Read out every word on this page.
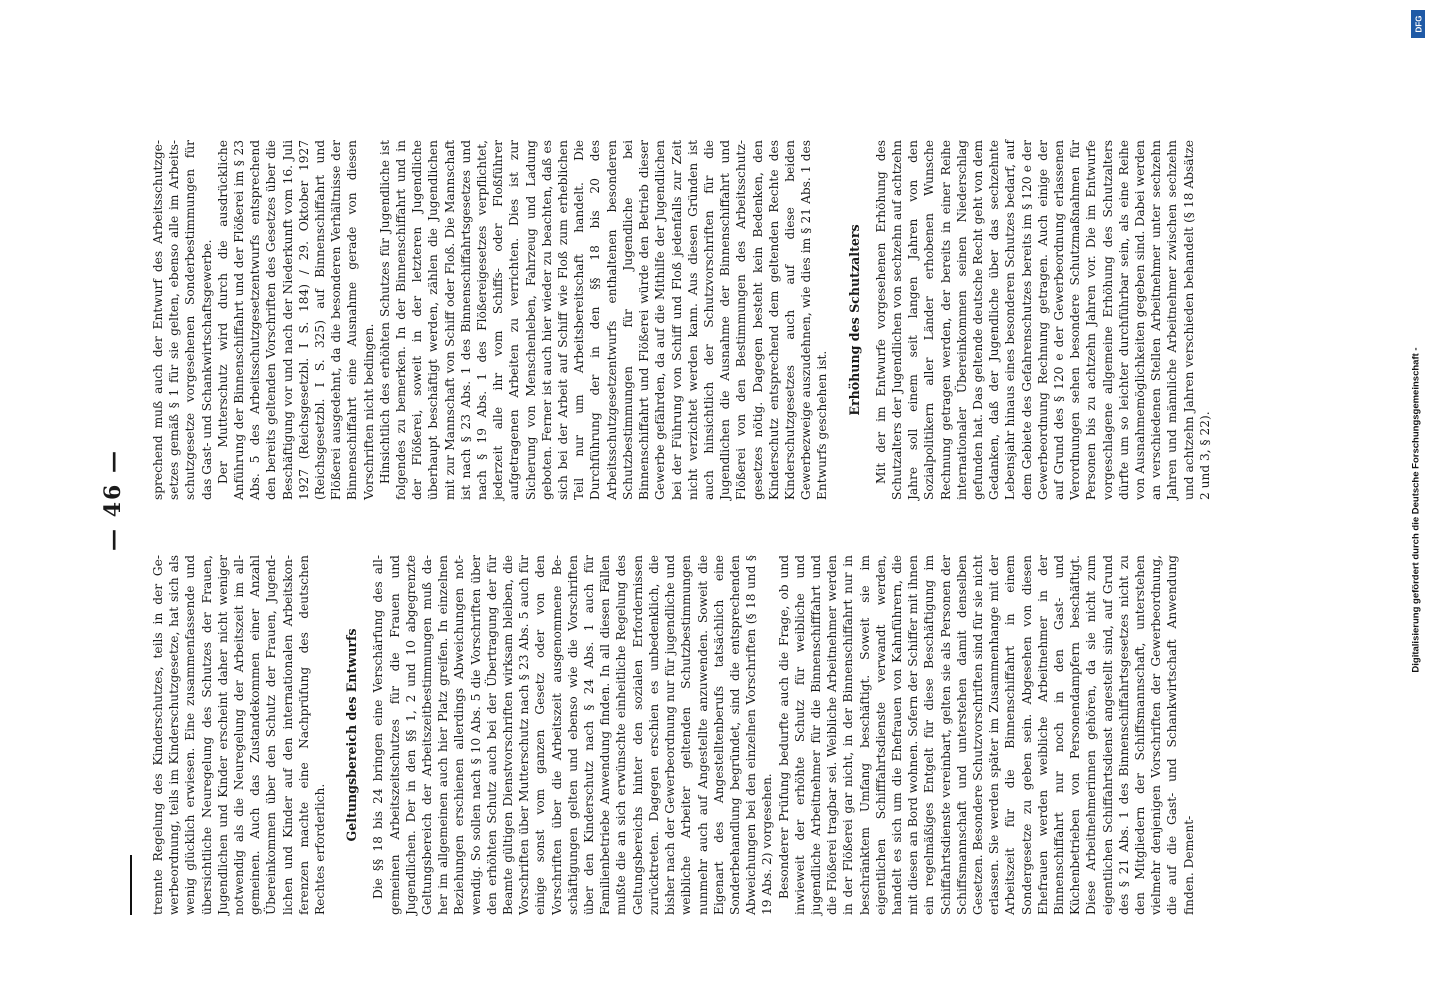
— 46 —

trennte Regelung des Kinderschutzes, teils in der Gewerbeordnung, teils im Kinderschutzgesetze, hat sich als wenig glücklich erwiesen. Eine zusammenfassende und übersichtliche Neuregelung des Schutzes der Frauen, Jugendlichen und Kinder erscheint daher nicht weniger notwendig als die Neuregelung der Arbeitszeit im allgemeinen. Auch das Zustandekommen einer Anzahl Übereinkommen über den Schutz der Frauen, Jugendlichen und Kinder auf den internationalen Arbeitskonferenzen machte eine Nachprüfung des deutschen Rechtes erforderlich.

Geltungsbereich des Entwurfs Die §§ 18 bis 24 bringen eine Verschärfung des allgemeinen Arbeitszeitschutzes für die Frauen und Jugendlichen. Der in den §§ 1, 2 und 10 abgegrenzte Geltungsbereich der Arbeitszeitbestimmungen muß daher im allgemeinen auch hier Platz greifen. In einzelnen Beziehungen erschienen allerdings Abweichungen notwendig. So sollen nach § 10 Abs. 5 die Vorschriften über den erhöhten Schutz auch bei der Übertragung der für Beamte gültigen Dienstvorschriften wirksam bleiben, die Vorschriften über Mutterschutz nach § 23 Abs. 5 auch für einige sonst vom ganzen Gesetz oder von den Vorschriften über die Arbeitszeit ausgenommene Beschäftigungen gelten und ebenso wie die Vorschriften über den Kinderschutz nach § 24 Abs. 1 auch für Familienbetriebe Anwendung finden. In all diesen Fällen mußte die an sich erwünschte einheitliche Regelung des Geltungsbereichs hinter den sozialen Erfordernissen zurücktreten. Dagegen erschien es unbedenklich, die bisher nach der Gewerbeordnung nur für jugendliche und weibliche Arbeiter geltenden Schutzbestimmungen nunmehr auch auf Angestellte anzuwenden. Soweit die Eigenart des Angestelltenberufs tatsächlich eine Sonderbehandlung begründet, sind die entsprechenden Abweichungen bei den einzelnen Vorschriften (§ 18 und § 19 Abs. 2) vorgesehen. Besonderer Prüfung bedurfte auch die Frage, ob und inwieweit der erhöhte Schutz für weibliche und jugendliche Arbeitnehmer für die Binnenschifffahrt und die Flößerei tragbar sei. Weibliche Arbeitnehmer werden in der Flößerei gar nicht, in der Binnenschiffahrt nur in beschränktem Umfang beschäftigt. Soweit sie im eigentlichen Schifffahrtsdienste verwandt werden, handelt es sich um die Ehefrauen von Kahnführern, die mit diesen an Bord wohnen. Sofern der Schiffer mit ihnen ein regelmäßiges Entgelt für diese Beschäftigung im Schiffahrtsdienste vereinbart, gelten sie als Personen der Schiffsmannschaft und unterstehen damit denselben Gesetzen. Besondere Schutzvorschriften sind für sie nicht erlassen. Sie werden später im Zusammenhange mit der Arbeitszeit für die Binnenschiffahrt in einem Sondergesetze zu geben sein. Abgesehen von diesen Ehefrauen werden weibliche Arbeitnehmer in der Binnenschiffahrt nur noch in den Gast- und Küchenbetrieben von Personendampfern beschäftigt. Diese Arbeitnehmerinnen gehören, da sie nicht zum eigentlichen Schiffahrtsdienst angestellt sind, auf Grund des § 21 Abs. 1 des Binnenschiffahrtsgesetzes nicht zu den Mitgliedern der Schiffsmannschaft, unterstehen vielmehr denjenigen Vorschriften der Gewerbeordnung, die auf die Gast- und Schankwirtschaft Anwendung finden. Dement-

sprechend muß auch der Entwurf des Arbeitsschutzgesetzes gemäß § 1 für sie gelten, ebenso alle im Arbeitsschutzgesetze vorgesehenen Sonderbestimmungen für das Gast- und Schankwirtschaftsgewerbe. Der Mutterschutz wird durch die ausdrückliche Anführung der Binnenschiffahrt und der Flößerei im § 23 Abs. 5 des Arbeitsschutzgesetzentwurfs entsprechend den bereits geltenden Vorschriften des Gesetzes über die Beschäftigung vor und nach der Niederkunft vom 16. Juli 1927 (Reichsgesetzbl. I S. 184) / 29. Oktober 1927 (Reichsgesetzbl. I S. 325) auf Binnenschiffahrt und Flößerei ausgedehnt, da die besonderen Verhältnisse der Binnenschiffahrt eine Ausnahme gerade von diesen Vorschriften nicht bedingen. Hinsichtlich des erhöhten Schutzes für Jugendliche ist folgendes zu bemerken. In der Binnenschiffahrt und in der Flößerei, soweit in der letzteren Jugendliche überhaupt beschäftigt werden, zählen die Jugendlichen mit zur Mannschaft von Schiff oder Floß. Die Mannschaft ist nach § 23 Abs. 1 des Binnenschiffahrtsgesetzes und nach § 19 Abs. 1 des Flößereigesetzes verpflichtet, jederzeit alle ihr vom Schiffs- oder Floßführer aufgetragenen Arbeiten zu verrichten. Dies ist zur Sicherung von Menschenleben, Fahrzeug und Ladung geboten. Ferner ist auch hier wieder zu beachten, daß es sich bei der Arbeit auf Schiff wie Floß zum erheblichen Teil nur um Arbeitsbereitschaft handelt. Die Durchführung der in den §§ 18 bis 20 des Arbeitsschutzgesetzentwurfs enthaltenen besonderen Schutzbestimmungen für Jugendliche bei Binnenschiffahrt und Flößerei würde den Betrieb dieser Gewerbe gefährden, da auf die Mithilfe der Jugendlichen bei der Führung von Schiff und Floß jedenfalls zur Zeit nicht verzichtet werden kann. Aus diesen Gründen ist auch hinsichtlich der Schutzvorschriften für die Jugendlichen die Ausnahme der Binnenschiffahrt und Flößerei von den Bestimmungen des Arbeitsschutzgesetzes nötig. Dagegen besteht kein Bedenken, den Kinderschutz entsprechend dem geltenden Rechte des Kinderschutzgesetzes auch auf diese beiden Gewerbezweige auszudehnen, wie dies im § 21 Abs. 1 des Entwurfs geschehen ist.

Erhöhung des Schutzalters Mit der im Entwurfe vorgesehenen Erhöhung des Schutzalters der Jugendlichen von sechzehn auf achtzehn Jahre soll einem seit langen Jahren von den Sozialpolitikern aller Länder erhobenen Wunsche Rechnung getragen werden, der bereits in einer Reihe internationaler Übereinkommen seinen Niederschlag gefunden hat. Das geltende deutsche Recht geht von dem Gedanken, daß der Jugendliche über das sechzehnte Lebensjahr hinaus eines besonderen Schutzes bedarf, auf dem Gebiete des Gefahrenschutzes bereits im § 120 e der Gewerbeordnung Rechnung getragen. Auch einige der auf Grund des § 120 e der Gewerbeordnung erlassenen Verordnungen sehen besondere Schutzmaßnahmen für Personen bis zu achtzehn Jahren vor. Die im Entwurfe vorgeschlagene allgemeine Erhöhung des Schutzalters dürfte um so leichter durchführbar sein, als eine Reihe von Ausnahmemöglichkeiten gegeben sind. Dabei werden an verschiedenen Stellen Arbeitnehmer unter sechzehn Jahren und männliche Arbeitnehmer zwischen sechzehn und achtzehn Jahren verschieden behandelt (§ 18 Absätze 2 und 3, § 22).	Digitalisierung gefördert durch die Deutsche Forschungsgemeinschaft -
DFG
